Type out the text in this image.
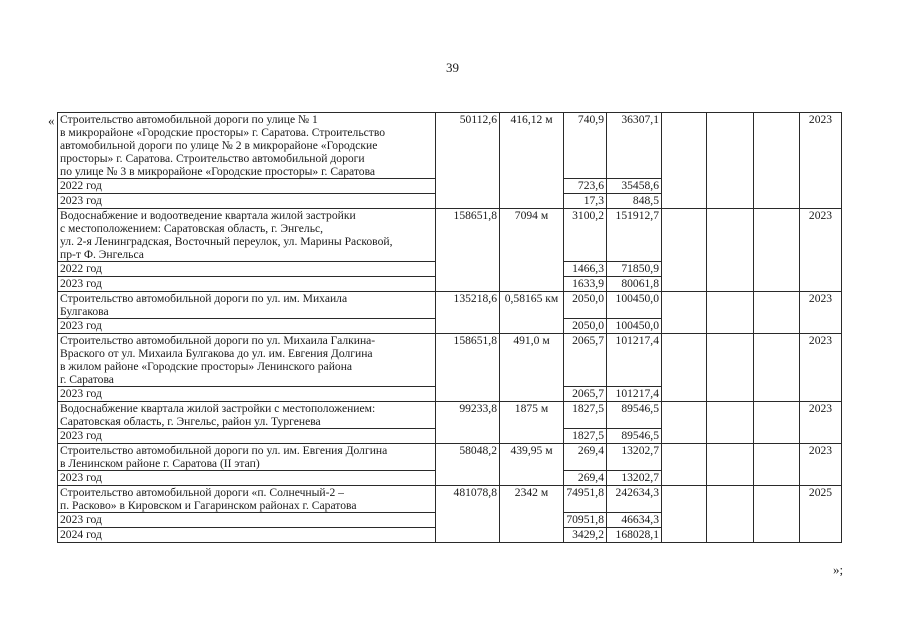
39
« Строительство автомобильной дороги по улице № 1
в микрорайоне «Городские просторы» г. Саратова. Строительство
автомобильной дороги по улице № 2 в микрорайоне «Городские
просторы» г. Саратова. Строительство автомобильной дороги
по улице № 3 в микрорайоне «Городские просторы» г. Саратова	50112,6	416,12 м	740,9	36307,1				2023
2022 год			723,6	35458,6				
2023 год			17,3	848,5				
Водоснабжение и водоотведение квартала жилой застройки
с местоположением: Саратовская область, г. Энгельс,
ул. 2-я Ленинградская, Восточный переулок, ул. Марины Расковой,
пр-т Ф. Энгельса	158651,8	7094 м	3100,2	151912,7				2023
2022 год			1466,3	71850,9				
2023 год			1633,9	80061,8				
Строительство автомобильной дороги по ул. им. Михаила
Булгакова	135218,6	0,58165 км	2050,0	100450,0				2023
2023 год			2050,0	100450,0				
Строительство автомобильной дороги по ул. Михаила Галкина-
Враского от ул. Михаила Булгакова до ул. им. Евгения Долгина
в жилом районе «Городские просторы» Ленинского района
г. Саратова	158651,8	491,0 м	2065,7	101217,4				2023
2023 год			2065,7	101217,4				
Водоснабжение квартала жилой застройки с местоположением:
Саратовская область, г. Энгельс, район ул. Тургенева	99233,8	1875 м	1827,5	89546,5				2023
2023 год			1827,5	89546,5				
Строительство автомобильной дороги по ул. им. Евгения Долгина
в Ленинском районе г. Саратова (II этап)	58048,2	439,95 м	269,4	13202,7				2023
2023 год			269,4	13202,7				
Строительство автомобильной дороги «п. Солнечный-2 –
п. Расково» в Кировском и Гагаринском районах г. Саратова	481078,8	2342 м	74951,8	242634,3				2025
2023 год			70951,8	46634,3				
2024 год			3429,2	168028,1				
»;
